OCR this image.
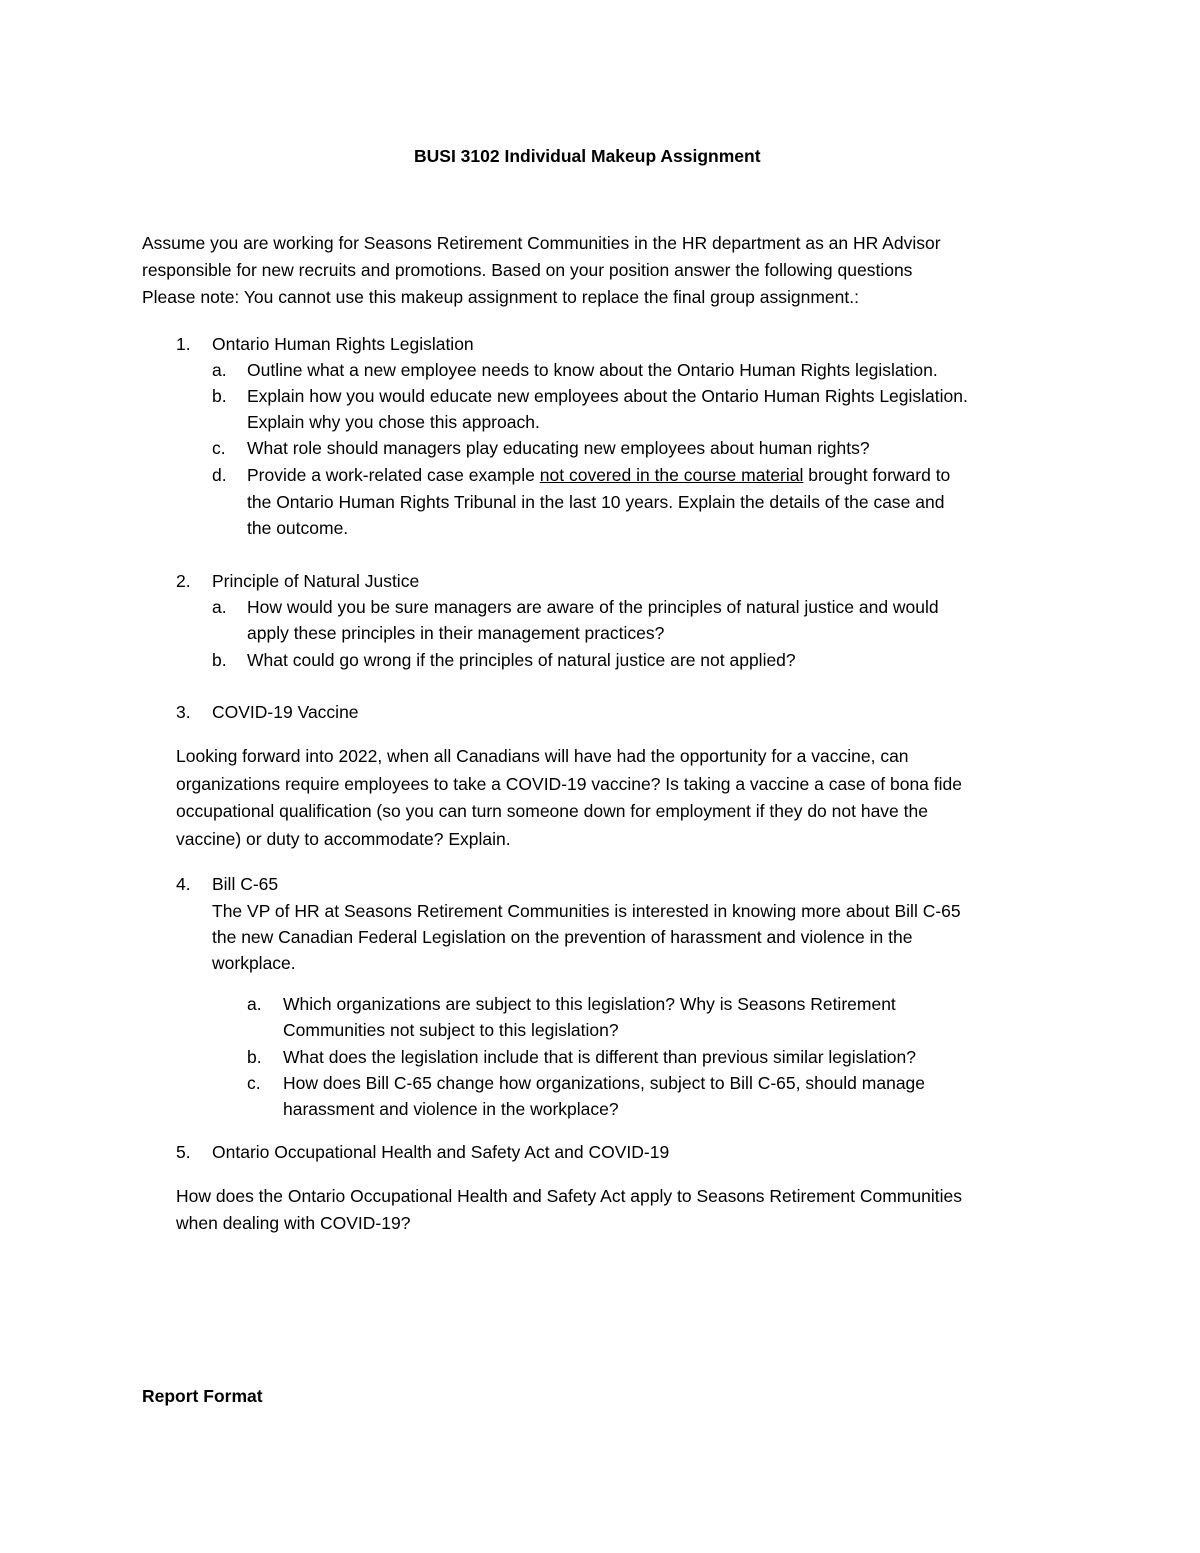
BUSI 3102 Individual Makeup Assignment
Assume you are working for Seasons Retirement Communities in the HR department as an HR Advisor
responsible for new recruits and promotions. Based on your position answer the following questions
Please note: You cannot use this makeup assignment to replace the final group assignment.:
1. Ontario Human Rights Legislation
a. Outline what a new employee needs to know about the Ontario Human Rights legislation.
b. Explain how you would educate new employees about the Ontario Human Rights Legislation.
Explain why you chose this approach.
c. What role should managers play educating new employees about human rights?
d. Provide a work-related case example not covered in the course material brought forward to
the Ontario Human Rights Tribunal in the last 10 years. Explain the details of the case and
the outcome.
2. Principle of Natural Justice
a. How would you be sure managers are aware of the principles of natural justice and would
apply these principles in their management practices?
b. What could go wrong if the principles of natural justice are not applied?
3. COVID-19 Vaccine
Looking forward into 2022, when all Canadians will have had the opportunity for a vaccine, can
organizations require employees to take a COVID-19 vaccine? Is taking a vaccine a case of bona fide
occupational qualification (so you can turn someone down for employment if they do not have the
vaccine) or duty to accommodate? Explain.
4. Bill C-65
The VP of HR at Seasons Retirement Communities is interested in knowing more about Bill C-65
the new Canadian Federal Legislation on the prevention of harassment and violence in the
workplace.
a. Which organizations are subject to this legislation? Why is Seasons Retirement
Communities not subject to this legislation?
b. What does the legislation include that is different than previous similar legislation?
c. How does Bill C-65 change how organizations, subject to Bill C-65, should manage
harassment and violence in the workplace?
5. Ontario Occupational Health and Safety Act and COVID-19
How does the Ontario Occupational Health and Safety Act apply to Seasons Retirement Communities
when dealing with COVID-19?
Report Format
